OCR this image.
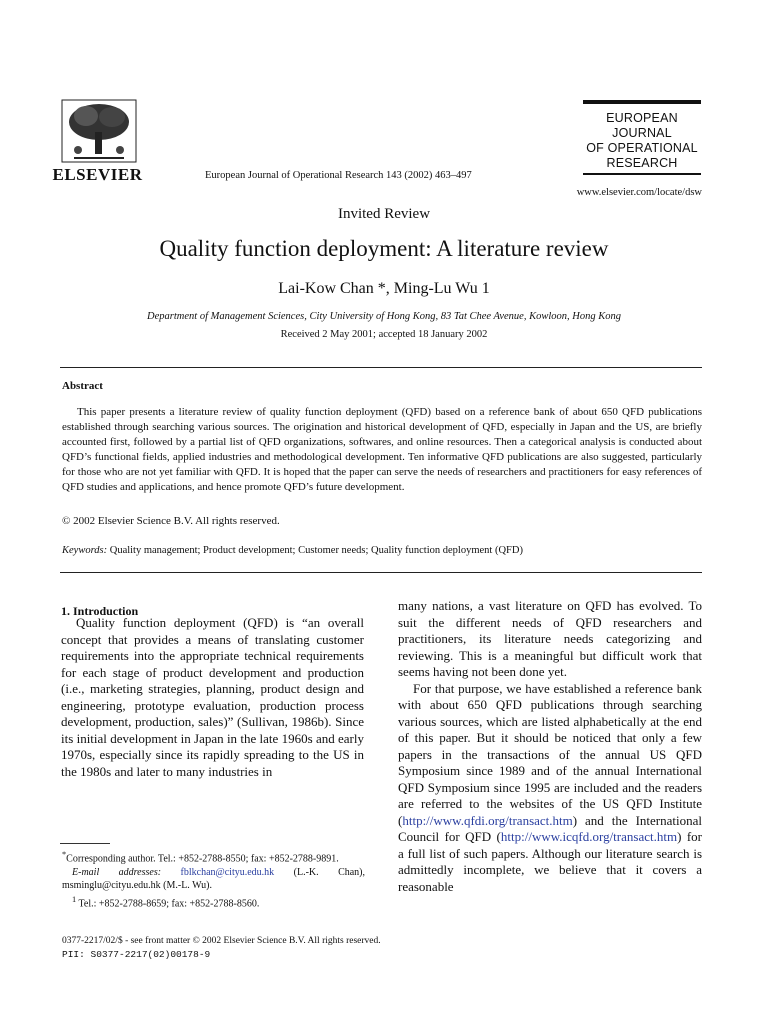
ELSEVIER	European Journal of Operational Research 143 (2002) 463–497
EUROPEAN
JOURNAL
OF OPERATIONAL
RESEARCH
www.elsevier.com/locate/dsw
Invited Review
Quality function deployment: A literature review
Lai-Kow Chan *, Ming-Lu Wu 1
Department of Management Sciences, City University of Hong Kong, 83 Tat Chee Avenue, Kowloon, Hong Kong
Received 2 May 2001; accepted 18 January 2002
Abstract

This paper presents a literature review of quality function deployment (QFD) based on a reference bank of about 650 QFD publications established through searching various sources. The origination and historical development of QFD, especially in Japan and the US, are briefly accounted first, followed by a partial list of QFD organizations, softwares, and online resources. Then a categorical analysis is conducted about QFD’s functional fields, applied industries and methodological development. Ten informative QFD publications are also suggested, particularly for those who are not yet familiar with QFD. It is hoped that the paper can serve the needs of researchers and practitioners for easy references of QFD studies and applications, and hence promote QFD’s future development.

© 2002 Elsevier Science B.V. All rights reserved.
Keywords: Quality management; Product development; Customer needs; Quality function deployment (QFD)
1. Introduction

Quality function deployment (QFD) is “an overall concept that provides a means of translating customer requirements into the appropriate technical requirements for each stage of product development and production (i.e., marketing strategies, planning, product design and engineering, prototype evaluation, production process development, production, sales)” (Sullivan, 1986b). Since its initial development in Japan in the late 1960s and early 1970s, especially since its rapidly spreading to the US in the 1980s and later to many industries in

many nations, a vast literature on QFD has evolved. To suit the different needs of QFD researchers and practitioners, its literature needs categorizing and reviewing. This is a meaningful but difficult work that seems having not been done yet.

For that purpose, we have established a reference bank with about 650 QFD publications through searching various sources, which are listed alphabetically at the end of this paper. But it should be noticed that only a few papers in the transactions of the annual US QFD Symposium since 1989 and of the annual International QFD Symposium since 1995 are included and the readers are referred to the websites of the US QFD Institute (http://www.qfdi.org/transact.htm) and the International Council for QFD (http://www.icqfd.org/transact.htm) for a full list of such papers. Although our literature search is admittedly incomplete, we believe that it covers a reasonable

*Corresponding author. Tel.: +852-2788-8550; fax: +852-2788-9891.

E-mail addresses: fblkchan@cityu.edu.hk (L.-K. Chan), msminglu@cityu.edu.hk (M.-L. Wu).

$^1$ Tel.: +852-2788-8659; fax: +852-2788-8560.

0377-2217/02/$ - see front matter © 2002 Elsevier Science B.V. All rights reserved.
PII: S0377-2217(02)00178-9
